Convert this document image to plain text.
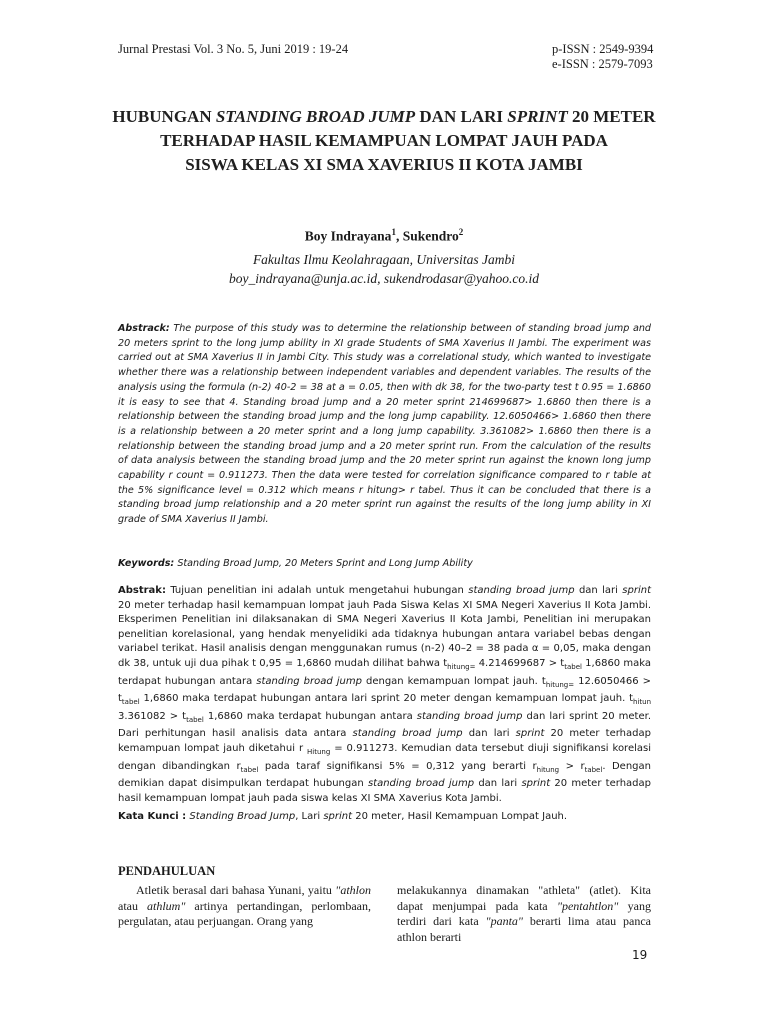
Jurnal Prestasi Vol. 3 No. 5, Juni 2019 : 19-24	p-ISSN : 2549-9394
e-ISSN : 2579-7093
HUBUNGAN STANDING BROAD JUMP DAN LARI SPRINT 20 METER
TERHADAP HASIL KEMAMPUAN LOMPAT JAUH PADA
SISWA KELAS XI SMA XAVERIUS II KOTA JAMBI
Boy Indrayana$^1$, Sukendro$^2$
Fakultas Ilmu Keolahragaan, Universitas Jambi
boy_indrayana@unja.ac.id, sukendrodasar@yahoo.co.id
Abstrack: The purpose of this study was to determine the relationship between of standing broad jump and 20 meters sprint to the long jump ability in XI grade Students of SMA Xaverius II Jambi. The experiment was carried out at SMA Xaverius II in Jambi City. This study was a correlational study, which wanted to investigate whether there was a relationship between independent variables and dependent variables. The results of the analysis using the formula (n-2) 40-2 = 38 at a = 0.05, then with dk 38, for the two-party test t 0.95 = 1.6860 it is easy to see that 4. Standing broad jump and a 20 meter sprint 214699687> 1.6860 then there is a relationship between the standing broad jump and the long jump capability. 12.6050466> 1.6860 then there is a relationship between a 20 meter sprint and a long jump capability. 3.361082> 1.6860 then there is a relationship between the standing broad jump and a 20 meter sprint run. From the calculation of the results of data analysis between the standing broad jump and the 20 meter sprint run against the known long jump capability r count = 0.911273. Then the data were tested for correlation significance compared to r table at the 5% significance level = 0.312 which means r hitung> r tabel. Thus it can be concluded that there is a standing broad jump relationship and a 20 meter sprint run against the results of the long jump ability in XI grade of SMA Xaverius II Jambi.
Keywords: Standing Broad Jump, 20 Meters Sprint and Long Jump Ability
Abstrak: Tujuan penelitian ini adalah untuk mengetahui hubungan standing broad jump dan lari sprint 20 meter terhadap hasil kemampuan lompat jauh Pada Siswa Kelas XI SMA Negeri Xaverius II Kota Jambi. Eksperimen Penelitian ini dilaksanakan di SMA Negeri Xaverius II Kota Jambi, Penelitian ini merupakan penelitian korelasional, yang hendak menyelidiki ada tidaknya hubungan antara variabel bebas dengan variabel terikat. Hasil analisis dengan menggunakan rumus (n-2) 40–2 = 38 pada α = 0,05, maka dengan dk 38, untuk uji dua pihak t 0,95 = 1,6860 mudah dilihat bahwa $t_{hitung=}$ $4.214699687 > t_{tabel}$ 1,6860 maka terdapat hubungan antara standing broad jump dengan kemampuan lompat jauh. $t_{hitung=}$ $12.6050466 > t_{tabel}$ 1,6860 maka terdapat hubungan antara lari sprint 20 meter dengan kemampuan lompat jauh. $t_{hitun}$ $3.361082 > t_{tabel}$ 1,6860 maka terdapat hubungan antara standing broad jump dan lari sprint 20 meter. Dari perhitungan hasil analisis data antara standing broad jump dan lari sprint 20 meter terhadap kemampuan lompat jauh diketahui r $_{Hitung}$ = 0.911273. Kemudian data tersebut diuji signifikansi korelasi dengan dibandingkan $r_{tabel}$ pada taraf signifikansi 5% = 0,312 yang berarti $r_{hitung} > r_{tabel}$. Dengan demikian dapat disimpulkan terdapat hubungan standing broad jump dan lari sprint 20 meter terhadap hasil kemampuan lompat jauh pada siswa kelas XI SMA Xaverius Kota Jambi.
Kata Kunci : Standing Broad Jump, Lari sprint 20 meter, Hasil Kemampuan Lompat Jauh.
PENDAHULUAN
Atletik berasal dari bahasa Yunani, yaitu "athlon atau athlum" artinya pertandingan, perlombaan, pergulatan, atau perjuangan. Orang yang
melakukannya dinamakan "athleta" (atlet). Kita dapat menjumpai pada kata "pentahtlon" yang terdiri dari kata "panta" berarti lima atau panca athlon berarti
19
